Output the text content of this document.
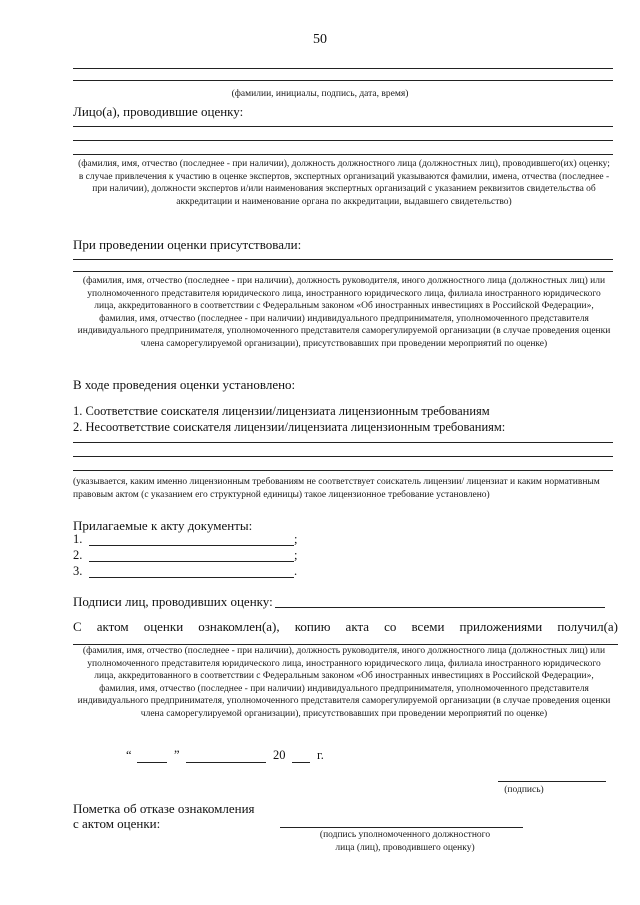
50
(фамилии, инициалы, подпись, дата, время)
Лицо(а), проводившие оценку:
(фамилия, имя, отчество (последнее - при наличии), должность должностного лица (должностных лиц), проводившего(их) оценку; в случае привлечения к участию в оценке экспертов, экспертных организаций указываются фамилии, имена, отчества (последнее - при наличии), должности экспертов и/или наименования экспертных организаций с указанием реквизитов свидетельства об аккредитации и наименование органа по аккредитации, выдавшего свидетельство)
При проведении оценки присутствовали:
(фамилия, имя, отчество (последнее - при наличии), должность руководителя, иного должностного лица (должностных лиц) или уполномоченного представителя юридического лица, иностранного юридического лица, филиала иностранного юридического лица, аккредитованного в соответствии с Федеральным законом «Об иностранных инвестициях в Российской Федерации», фамилия, имя, отчество (последнее - при наличии) индивидуального предпринимателя, уполномоченного представителя индивидуального предпринимателя, уполномоченного представителя саморегулируемой организации (в случае проведения оценки члена саморегулируемой организации), присутствовавших при проведении мероприятий по оценке)
В ходе проведения оценки установлено:
1. Соответствие соискателя лицензии/лицензиата лицензионным требованиям
2. Несоответствие соискателя лицензии/лицензиата лицензионным требованиям:
(указывается, каким именно лицензионным требованиям не соответствует соискатель лицензии/ лицензиат и каким нормативным правовым актом (с указанием его структурной единицы) такое лицензионное требование установлено)
Прилагаемые к акту документы:
1.	;
2.	;
3.	.
Подписи лиц, проводивших оценку:
С актом оценки ознакомлен(а), копию акта со всеми приложениями получил(а)
(фамилия, имя, отчество (последнее - при наличии), должность руководителя, иного должностного лица (должностных лиц) или уполномоченного представителя юридического лица, иностранного юридического лица, филиала иностранного юридического лица, аккредитованного в соответствии с Федеральным законом «Об иностранных инвестициях в Российской Федерации», фамилия, имя, отчество (последнее - при наличии) индивидуального предпринимателя, уполномоченного представителя индивидуального предпринимателя, уполномоченного представителя саморегулируемой организации (в случае проведения оценки члена саморегулируемой организации), присутствовавших при проведении мероприятий по оценке)
“	”	20	г.
(подпись)
Пометка об отказе ознакомления
с актом оценки:
(подпись уполномоченного должностного
лица (лиц), проводившего оценку)
